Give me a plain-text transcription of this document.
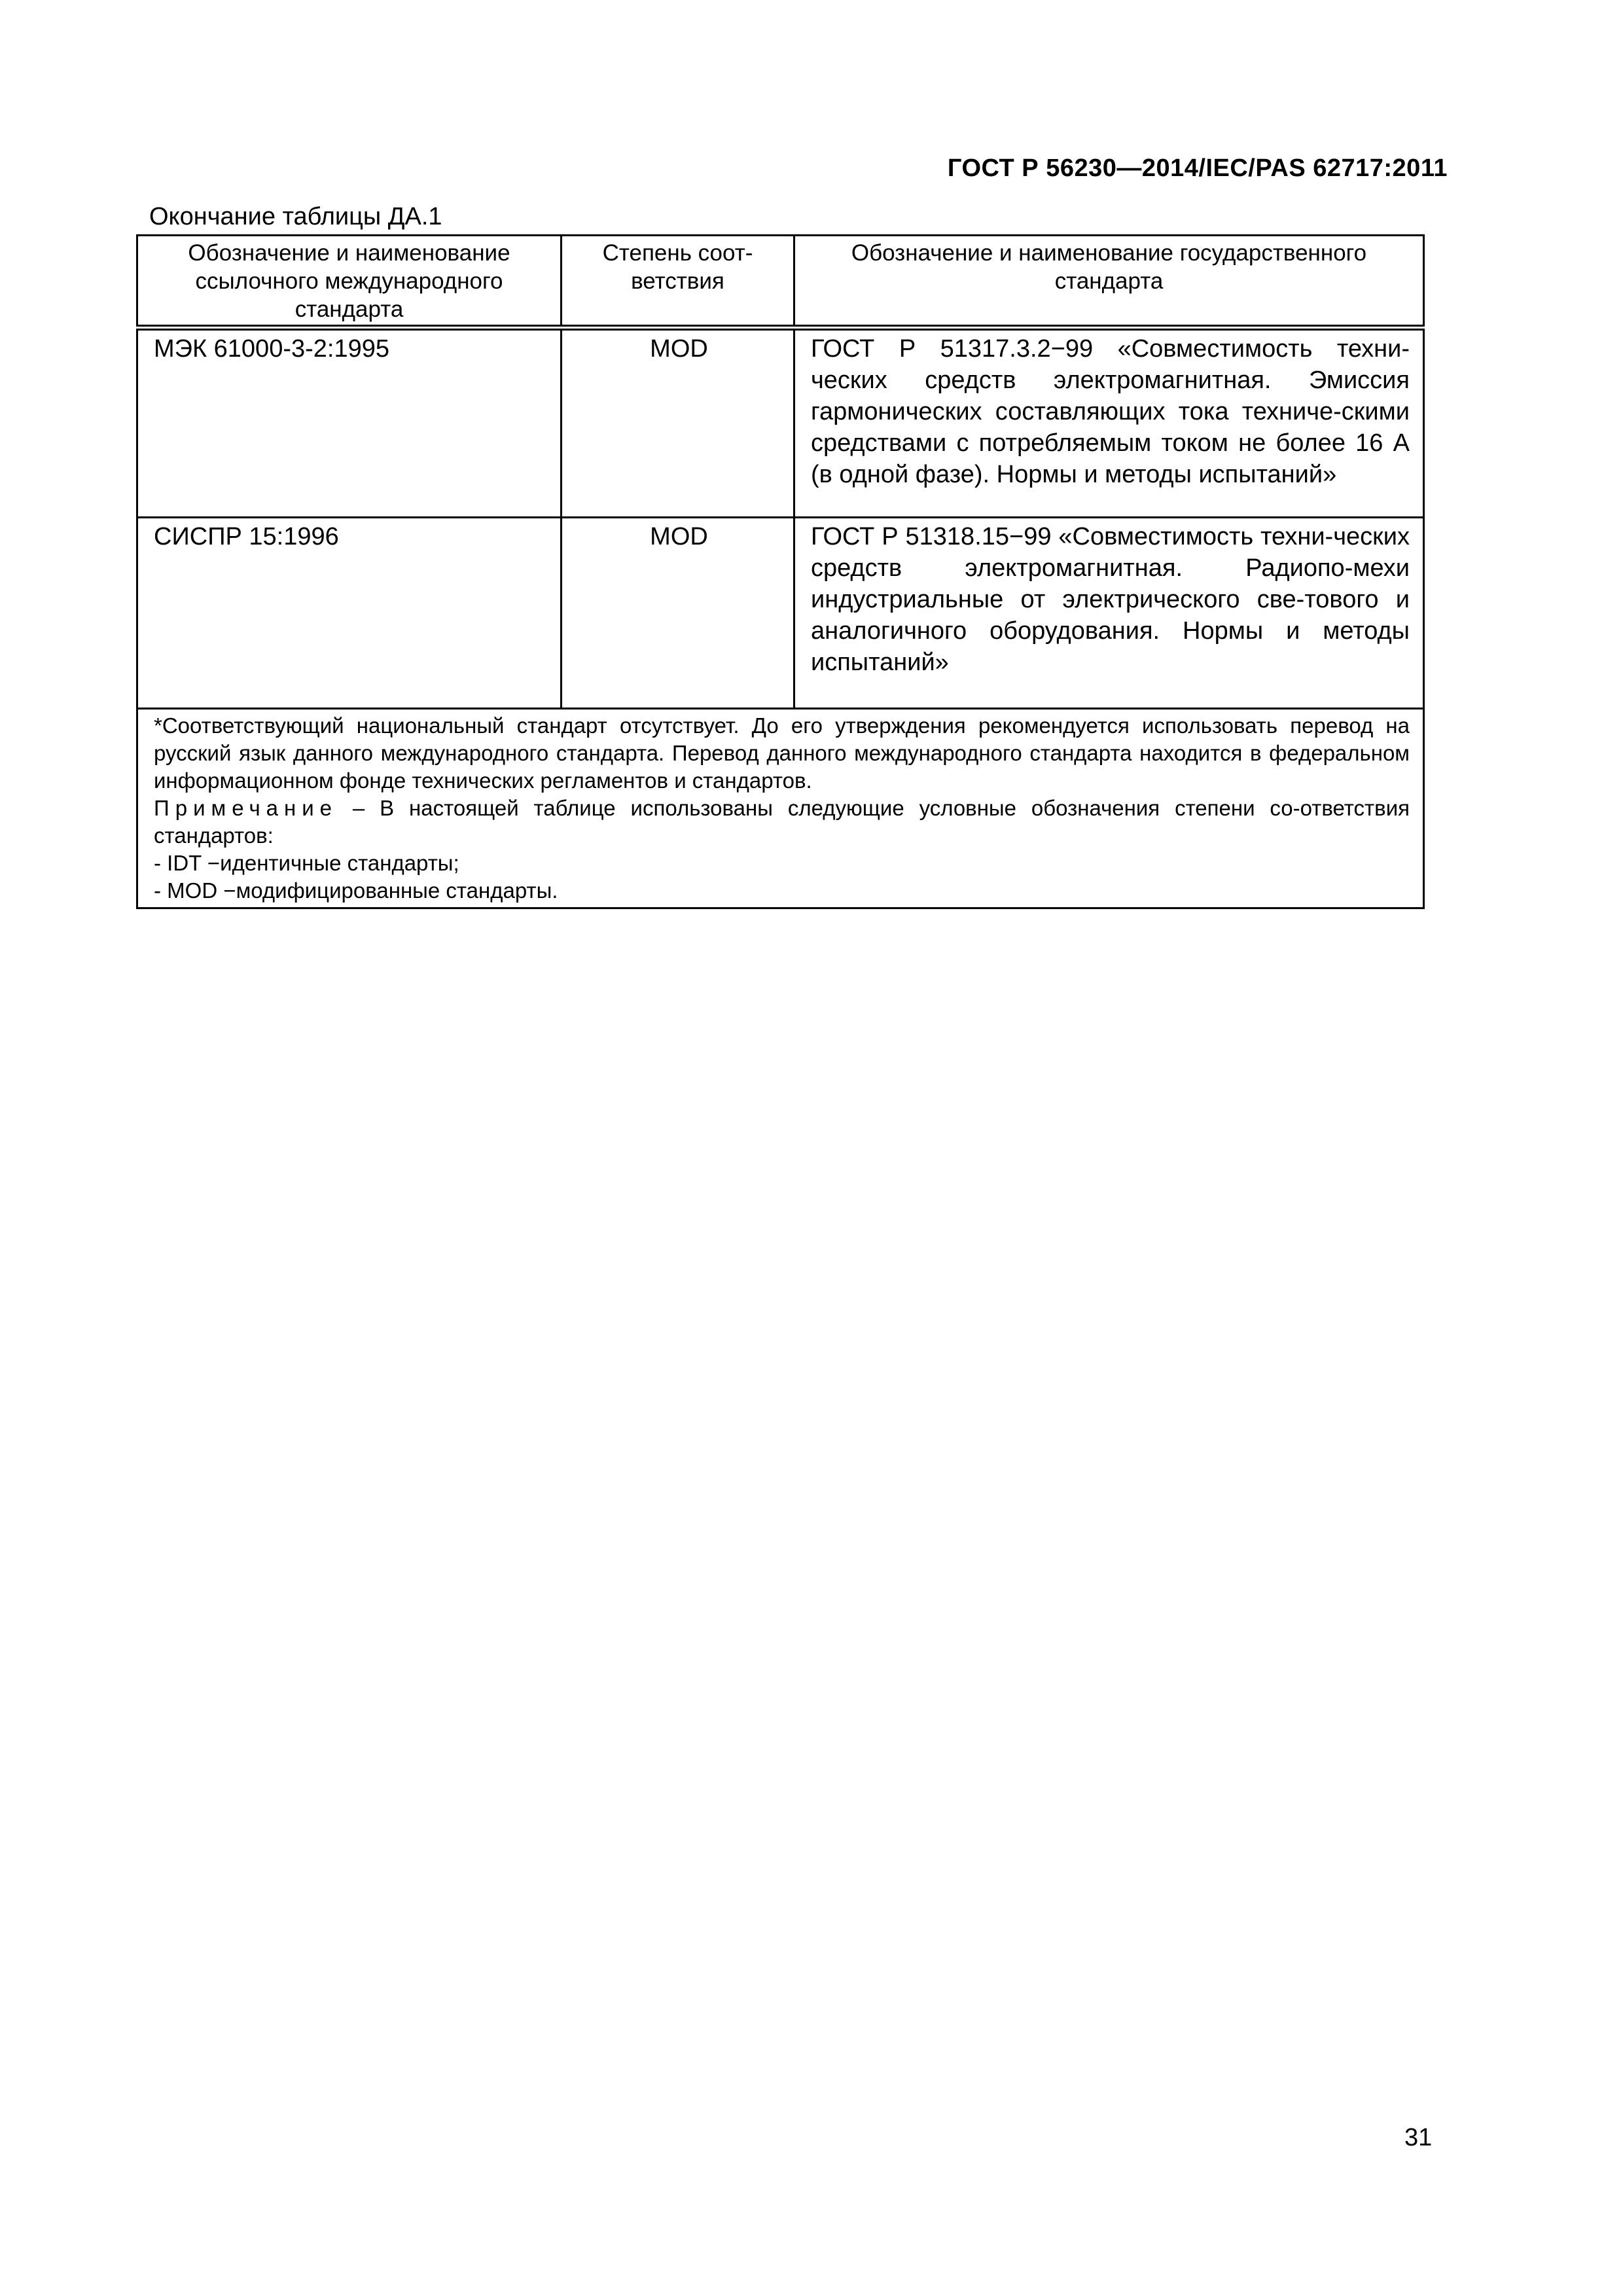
ГОСТ Р 56230—2014/IEC/PAS 62717:2011
Окончание таблицы ДА.1
Обозначение и наименование ссылочного международного стандарта	Степень соот-ветствия	Обозначение и наименование государственного стандарта
МЭК 61000-3-2:1995	MOD	ГОСТ Р 51317.3.2−99 «Совместимость техни-ческих средств электромагнитная. Эмиссия гармонических составляющих тока техниче-скими средствами с потребляемым током не более 16 А (в одной фазе). Нормы и методы испытаний»
СИСПР 15:1996	MOD	ГОСТ Р 51318.15−99 «Совместимость техни-ческих средств электромагнитная. Радиопо-мехи индустриальные от электрического све-тового и аналогичного оборудования. Нормы и методы испытаний»

*Соответствующий национальный стандарт отсутствует. До его утверждения рекомендуется использовать перевод на русский язык данного международного стандарта. Перевод данного международного стандарта находится в федеральном информационном фонде технических регламентов и стандартов.
Примечание – В настоящей таблице использованы следующие условные обозначения степени со-ответствия стандартов:
- IDT −идентичные стандарты;
- MOD −модифицированные стандарты.		
31
